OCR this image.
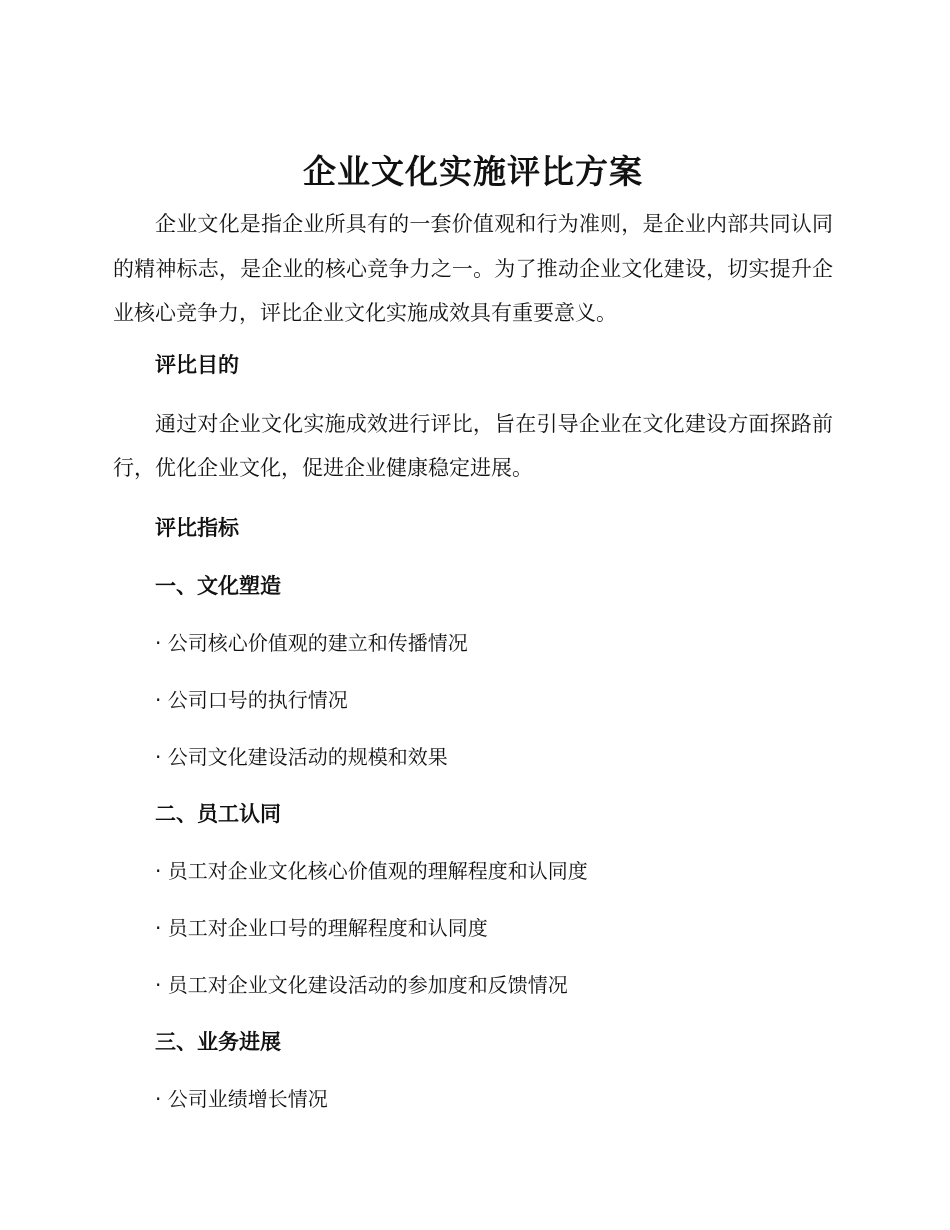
企业文化实施评比方案

企业文化是指企业所具有的一套价值观和行为准则，是企业内部共同认同的精神标志，是企业的核心竞争力之一。为了推动企业文化建设，切实提升企业核心竞争力，评比企业文化实施成效具有重要意义。

评比目的

通过对企业文化实施成效进行评比，旨在引导企业在文化建设方面探路前行，优化企业文化，促进企业健康稳定进展。

评比指标

一、文化塑造

· 公司核心价值观的建立和传播情况

· 公司口号的执行情况

· 公司文化建设活动的规模和效果

二、员工认同

· 员工对企业文化核心价值观的理解程度和认同度

· 员工对企业口号的理解程度和认同度

· 员工对企业文化建设活动的参加度和反馈情况

三、业务进展

· 公司业绩增长情况
